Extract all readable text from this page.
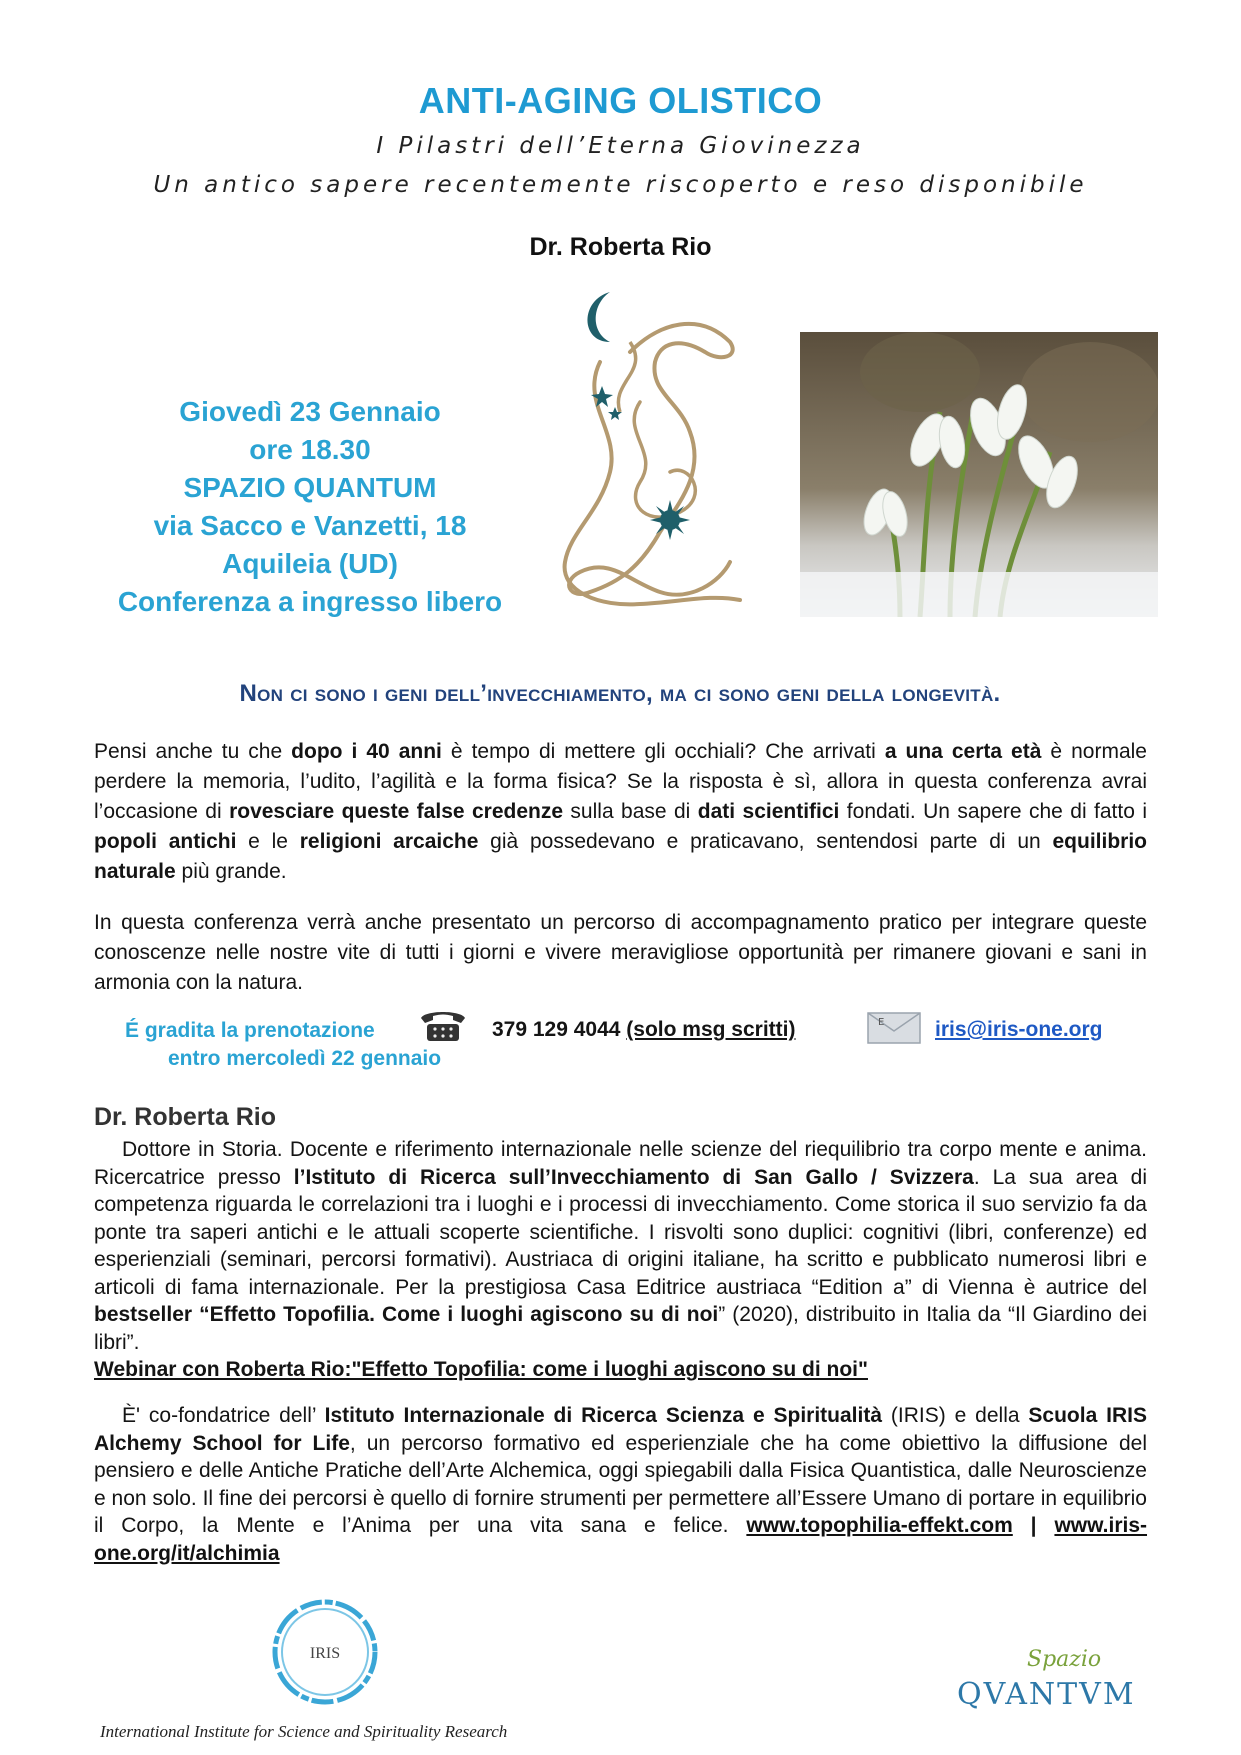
ANTI-AGING OLISTICO
I Pilastri dell’Eterna Giovinezza
Un antico sapere recentemente riscoperto e reso disponibile
Dr. Roberta Rio
Giovedì 23 Gennaio
ore 18.30
SPAZIO QUANTUM
via Sacco e Vanzetti, 18
Aquileia (UD)
Conferenza a ingresso libero
Non ci sono i geni dell’invecchiamento, ma ci sono geni della longevità.
Pensi anche tu che dopo i 40 anni è tempo di mettere gli occhiali? Che arrivati a una certa età è normale perdere la memoria, l’udito, l’agilità e la forma fisica? Se la risposta è sì, allora in questa conferenza avrai l’occasione di rovesciare queste false credenze sulla base di dati scientifici fondati. Un sapere che di fatto i popoli antichi e le religioni arcaiche già possedevano e praticavano, sentendosi parte di un equilibrio naturale più grande.
In questa conferenza verrà anche presentato un percorso di accompagnamento pratico per integrare queste conoscenze nelle nostre vite di tutti i giorni e vivere meravigliose opportunità per rimanere giovani e sani in armonia con la natura.
É gradita la prenotazione
entro mercoledì 22 gennaio
379 129 4044 (solo msg scritti)	E iris@iris-one.org
Dr. Roberta Rio
Dottore in Storia. Docente e riferimento internazionale nelle scienze del riequilibrio tra corpo mente e anima. Ricercatrice presso l’Istituto di Ricerca sull’Invecchiamento di San Gallo / Svizzera. La sua area di competenza riguarda le correlazioni tra i luoghi e i processi di invecchiamento. Come storica il suo servizio fa da ponte tra saperi antichi e le attuali scoperte scientifiche. I risvolti sono duplici: cognitivi (libri, conferenze) ed esperienziali (seminari, percorsi formativi). Austriaca di origini italiane, ha scritto e pubblicato numerosi libri e articoli di fama internazionale. Per la prestigiosa Casa Editrice austriaca “Edition a” di Vienna è autrice del bestseller “Effetto Topofilia. Come i luoghi agiscono su di noi” (2020), distribuito in Italia da “Il Giardino dei libri”.
Webinar con Roberta Rio:"Effetto Topofilia: come i luoghi agiscono su di noi"
È' co-fondatrice dell’ Istituto Internazionale di Ricerca Scienza e Spiritualità (IRIS) e della Scuola IRIS Alchemy School for Life, un percorso formativo ed esperienziale che ha come obiettivo la diffusione del pensiero e delle Antiche Pratiche dell’Arte Alchemica, oggi spiegabili dalla Fisica Quantistica, dalle Neuroscienze e non solo. Il fine dei percorsi è quello di fornire strumenti per permettere all’Essere Umano di portare in equilibrio il Corpo, la Mente e l’Anima per una vita sana e felice. www.topophilia-effekt.com | www.iris-one.org/it/alchimia
IRIS
International Institute for Science and Spirituality Research
Spazio
QVANTVM
